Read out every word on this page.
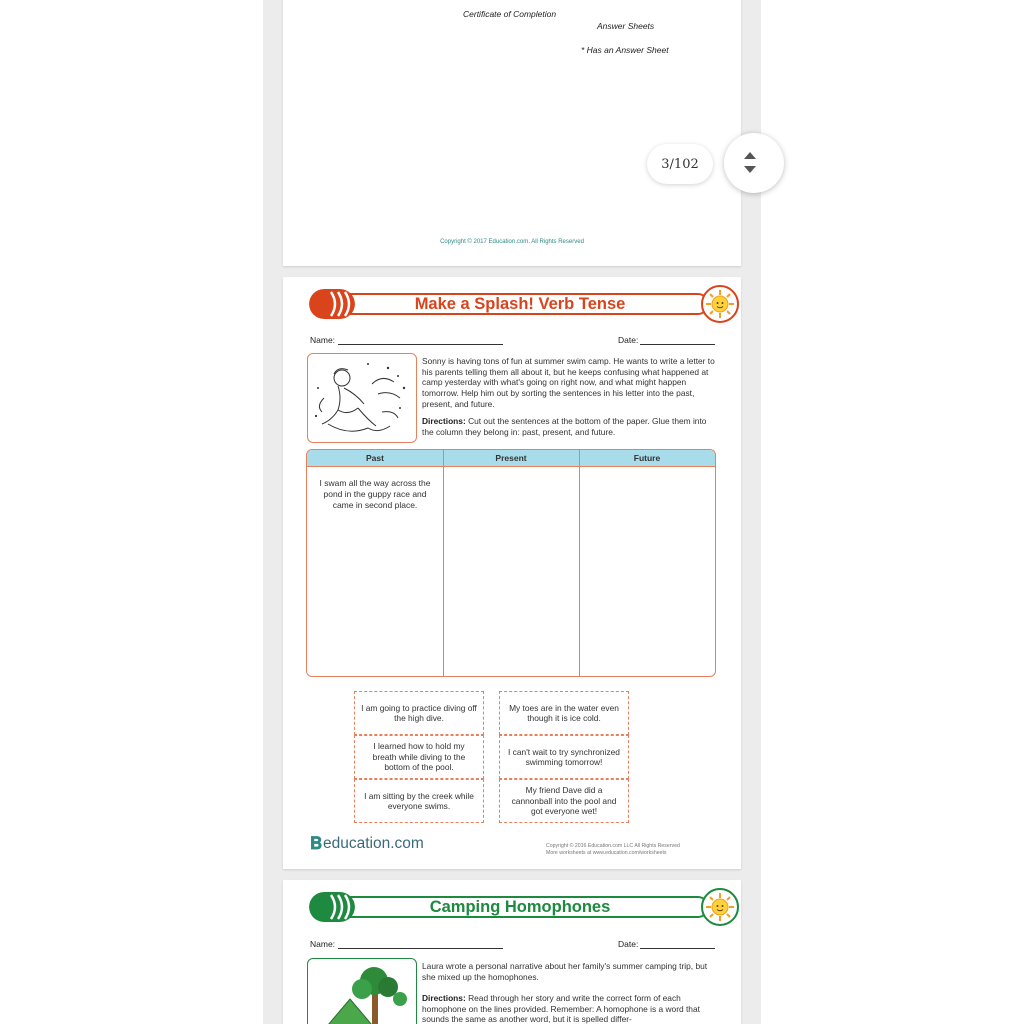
Certificate of Completion
Answer Sheets
* Has an Answer Sheet
Copyright © 2017 Education.com. All Rights Reserved
Make a Splash! Verb Tense
Name:	Date:
Sonny is having tons of fun at summer swim camp. He wants to write a letter to his parents telling them all about it, but he keeps confusing what happened at camp yesterday with what's going on right now, and what might happen tomorrow. Help him out by sorting the sentences in his letter into the past, present, and future.
Directions: Cut out the sentences at the bottom of the paper. Glue them into the column they belong in: past, present, and future.
Past	Present	Future
I swam all the way across the pond in the guppy race and came in second place.
I am going to practice diving off the high dive.
My toes are in the water even though it is ice cold.
I learned how to hold my breath while diving to the bottom of the pool.
I can't wait to try synchronized swimming tomorrow!
I am sitting by the creek while everyone swims.
My friend Dave did a cannonball into the pool and got everyone wet!
𝐁 education.com	Copyright © 2016 Education.com LLC All Rights Reserved
More worksheets at www.education.com/worksheets
Camping Homophones
Name:	Date:
Laura wrote a personal narrative about her family's summer camping trip, but she mixed up the homophones.
Directions: Read through her story and write the correct form of each homophone on the lines provided. Remember: A homophone is a word that sounds the same as another word, but it is spelled differ-
3/102
